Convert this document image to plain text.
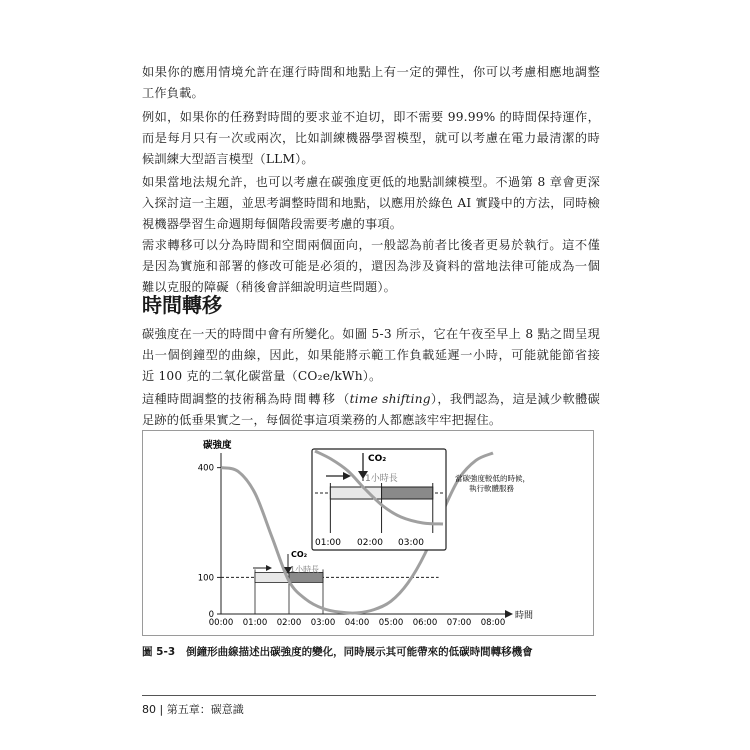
如果你的應用情境允許在運行時間和地點上有一定的彈性，你可以考慮相應地調整工作負載。

例如，如果你的任務對時間的要求並不迫切，即不需要 99.99% 的時間保持運作，而是每月只有一次或兩次，比如訓練機器學習模型，就可以考慮在電力最清潔的時候訓練大型語言模型（LLM）。

如果當地法規允許，也可以考慮在碳強度更低的地點訓練模型。不過第 8 章會更深入探討這一主題，並思考調整時間和地點，以應用於綠色 AI 實踐中的方法，同時檢視機器學習生命週期每個階段需要考慮的事項。

需求轉移可以分為時間和空間兩個面向，一般認為前者比後者更易於執行。這不僅是因為實施和部署的修改可能是必須的，還因為涉及資料的當地法律可能成為一個難以克服的障礙（稍後會詳細說明這些問題）。

時間轉移

碳強度在一天的時間中會有所變化。如圖 5-3 所示，它在午夜至早上 8 點之間呈現出一個倒鐘型的曲線，因此，如果能將示範工作負載延遲一小時，可能就能節省接近 100 克的二氧化碳當量（CO₂e/kWh）。

這種時間調整的技術稱為時間轉移（time shifting），我們認為，這是減少軟體碳足跡的低垂果實之一，每個從事這項業務的人都應該牢牢把握住。

碳強度
時間
400
100
0
00:00 01:00 02:00 03:00 04:00 05:00 06:00 07:00 08:00
CO₂
1小時長
01:00 02:00 03:00
CO₂
1小時長	當碳強度較低的時候，
執行軟體服務

圖 5-3 倒鐘形曲線描述出碳強度的變化，同時展示其可能帶來的低碳時間轉移機會

80 | 第五章：碳意識
